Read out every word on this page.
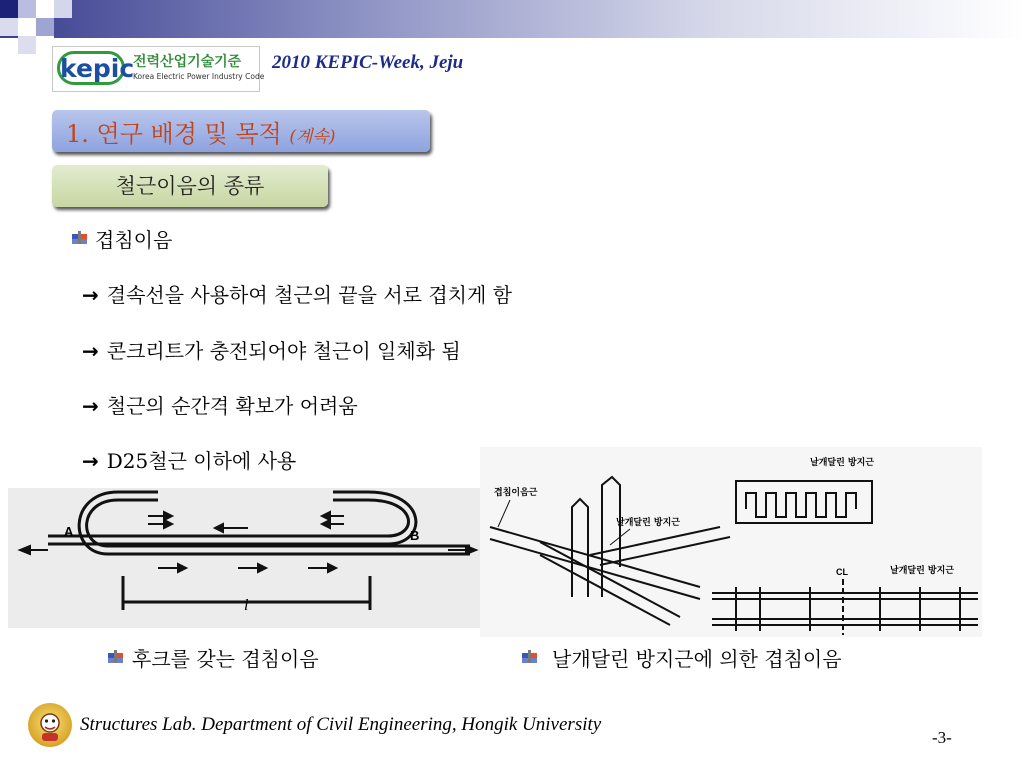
kepic
전력산업기술기준
Korea Electric Power Industry Code
2010 KEPIC-Week, Jeju
1. 연구 배경 및 목적 (계속)
철근이음의 종류
겹침이음
→ 결속선을 사용하여 철근의 끝을 서로 겹치게 함
→ 콘크리트가 충전되어야 철근이 일체화 됨
→ 철근의 순간격 확보가 어려움
→ D25철근 이하에 사용
A	B
l
겹침이음근
날개달린 방지근
날개달린 방지근
CL	날개달린 방지근
후크를 갖는 겹침이음	날개달린 방지근에 의한 겹침이음
Structures Lab. Department of Civil Engineering, Hongik University
-3-
